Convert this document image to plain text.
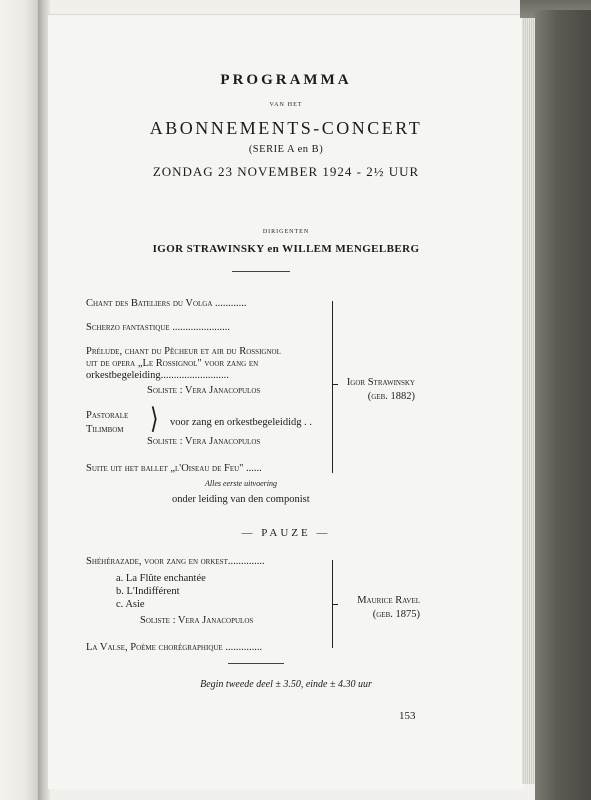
PROGRAMMA
van het
ABONNEMENTS-CONCERT
(SERIE A en B)
ZONDAG 23 NOVEMBER 1924 - 2½ UUR
dirigenten
IGOR STRAWINSKY en WILLEM MENGELBERG
Chant des Bateliers du Volga ............
Scherzo fantastique ......................
Prélude, chant du Pêcheur et air du Rossignol
uit de opera „Le Rossignol" voor zang en
orkestbegeleiding..........................
Soliste : Vera Janacopulos
Pastorale
Tilimbom ⟩ voor zang en orkestbegeleididg . .
Soliste : Vera Janacopulos
Suite uit het ballet „l'Oiseau de Feu" ......
Alles eerste uitvoering
onder leiding van den componist
Igor Strawinsky
(geb. 1882)
— PAUZE —
Shéhérazade, voor zang en orkest..............
a. La Flûte enchantée
b. L'Indifférent
c. Asie
Soliste : Vera Janacopulos
La Valse, Poème chorégraphique ..............
Maurice Ravel
(geb. 1875)
Begin tweede deel ± 3.50, einde ± 4.30 uur
153
